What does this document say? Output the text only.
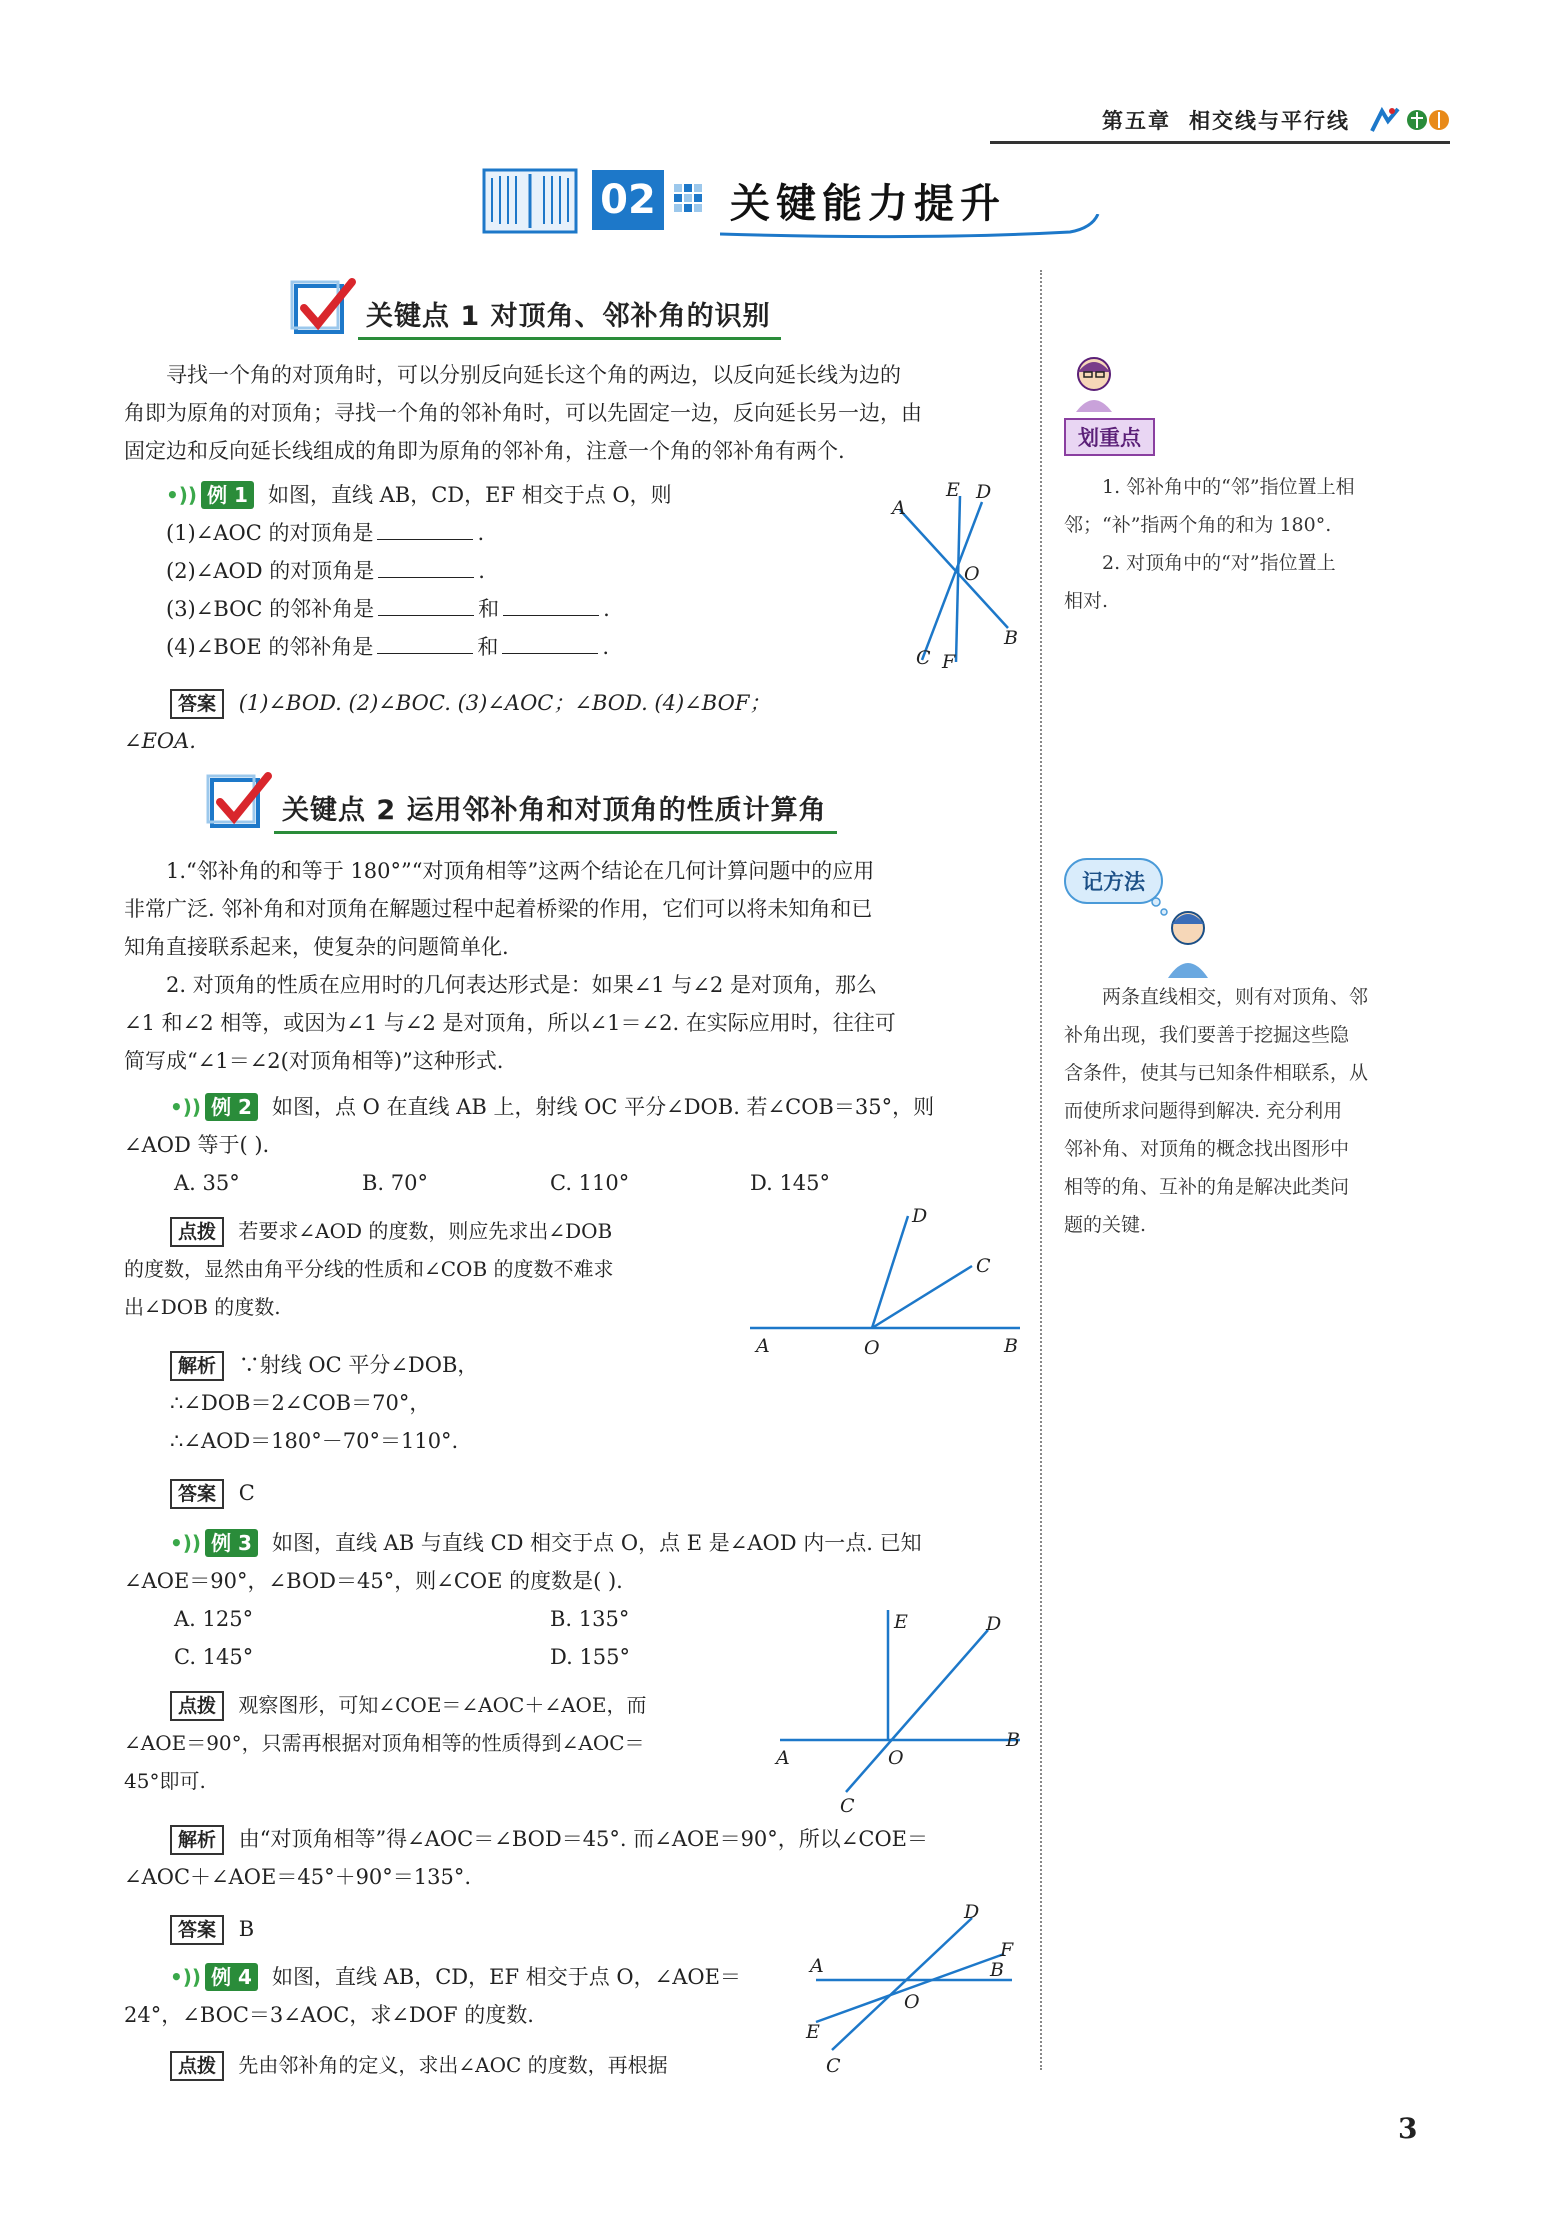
第五章 相交线与平行线
02 关键能力提升
关键点 1 对顶角、邻补角的识别
寻找一个角的对顶角时，可以分别反向延长这个角的两边，以反向延长线为边的
角即为原角的对顶角；寻找一个角的邻补角时，可以先固定一边，反向延长另一边，由
固定边和反向延长线组成的角即为原角的邻补角，注意一个角的邻补角有两个.
•)) 例 1 如图，直线 AB，CD，EF 相交于点 O，则
(1)∠AOC 的对顶角是	.
(2)∠AOD 的对顶角是	.
(3)∠BOC 的邻补角是	和	.
(4)∠BOE 的邻补角是	和	.
A
E D
O
B
C F
答案 (1)∠BOD. (2)∠BOC. (3)∠AOC；∠BOD. (4)∠BOF；
∠EOA.
关键点 2 运用邻补角和对顶角的性质计算角
1.“邻补角的和等于 180°”“对顶角相等”这两个结论在几何计算问题中的应用
非常广泛. 邻补角和对顶角在解题过程中起着桥梁的作用，它们可以将未知角和已
知角直接联系起来，使复杂的问题简单化.
2. 对顶角的性质在应用时的几何表达形式是：如果∠1 与∠2 是对顶角，那么
∠1 和∠2 相等，或因为∠1 与∠2 是对顶角，所以∠1＝∠2. 在实际应用时，往往可
简写成“∠1＝∠2(对顶角相等)”这种形式.
•)) 例 2 如图，点 O 在直线 AB 上，射线 OC 平分∠DOB. 若∠COB＝35°，则
∠AOD 等于( ).
A. 35°	B. 70°	C. 110°	D. 145°
点拨 若要求∠AOD 的度数，则应先求出∠DOB
的度数，显然由角平分线的性质和∠COB 的度数不难求
出∠DOB 的度数.
A	O	B
C
D
解析 ∵射线 OC 平分∠DOB，
∴∠DOB＝2∠COB＝70°，
∴∠AOD＝180°－70°＝110°.
答案 C
•)) 例 3 如图，直线 AB 与直线 CD 相交于点 O，点 E 是∠AOD 内一点. 已知
∠AOE＝90°，∠BOD＝45°，则∠COE 的度数是( ).
A. 125°	B. 135°
C. 145°	D. 155°
点拨 观察图形，可知∠COE＝∠AOC＋∠AOE，而
∠AOE＝90°，只需再根据对顶角相等的性质得到∠AOC＝
45°即可.
E	D
A	O
B
C
解析 由“对顶角相等”得∠AOC＝∠BOD＝45°. 而∠AOE＝90°，所以∠COE＝
∠AOC＋∠AOE＝45°＋90°＝135°.
答案 B
•)) 例 4 如图，直线 AB，CD，EF 相交于点 O，∠AOE＝
24°，∠BOC＝3∠AOC，求∠DOF 的度数.
点拨 先由邻补角的定义，求出∠AOC 的度数，再根据
D
F
A	B
O
E
C
划重点
1. 邻补角中的“邻”指位置上相
邻；“补”指两个角的和为 180°.
2. 对顶角中的“对”指位置上
相对.
记方法
两条直线相交，则有对顶角、邻
补角出现，我们要善于挖掘这些隐
含条件，使其与已知条件相联系，从
而使所求问题得到解决. 充分利用
邻补角、对顶角的概念找出图形中
相等的角、互补的角是解决此类问
题的关键.
3
